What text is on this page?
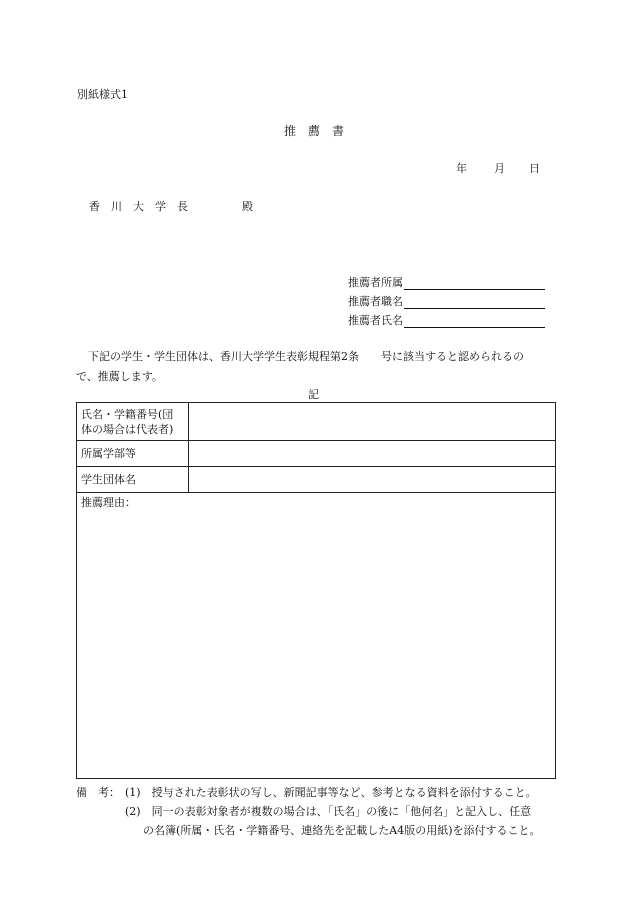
別紙様式1
推　薦　書
年 月 日
香　川　大　学　長	殿
推薦者所属
推薦者職名
推薦者氏名
下記の学生・学生団体は、香川大学学生表彰規程第2条　　号に該当すると認められるの
で、推薦します。
記
氏名・学籍番号(団
体の場合は代表者)	

所属学部等	
学生団体名	
推薦理由：	
備　考： (1)　授与された表彰状の写し、新聞記事等など、参考となる資料を添付すること。
(2)　同一の表彰対象者が複数の場合は、「氏名」の後に「他何名」と記入し、任意
の名簿(所属・氏名・学籍番号、連絡先を記載したA4版の用紙)を添付すること。
